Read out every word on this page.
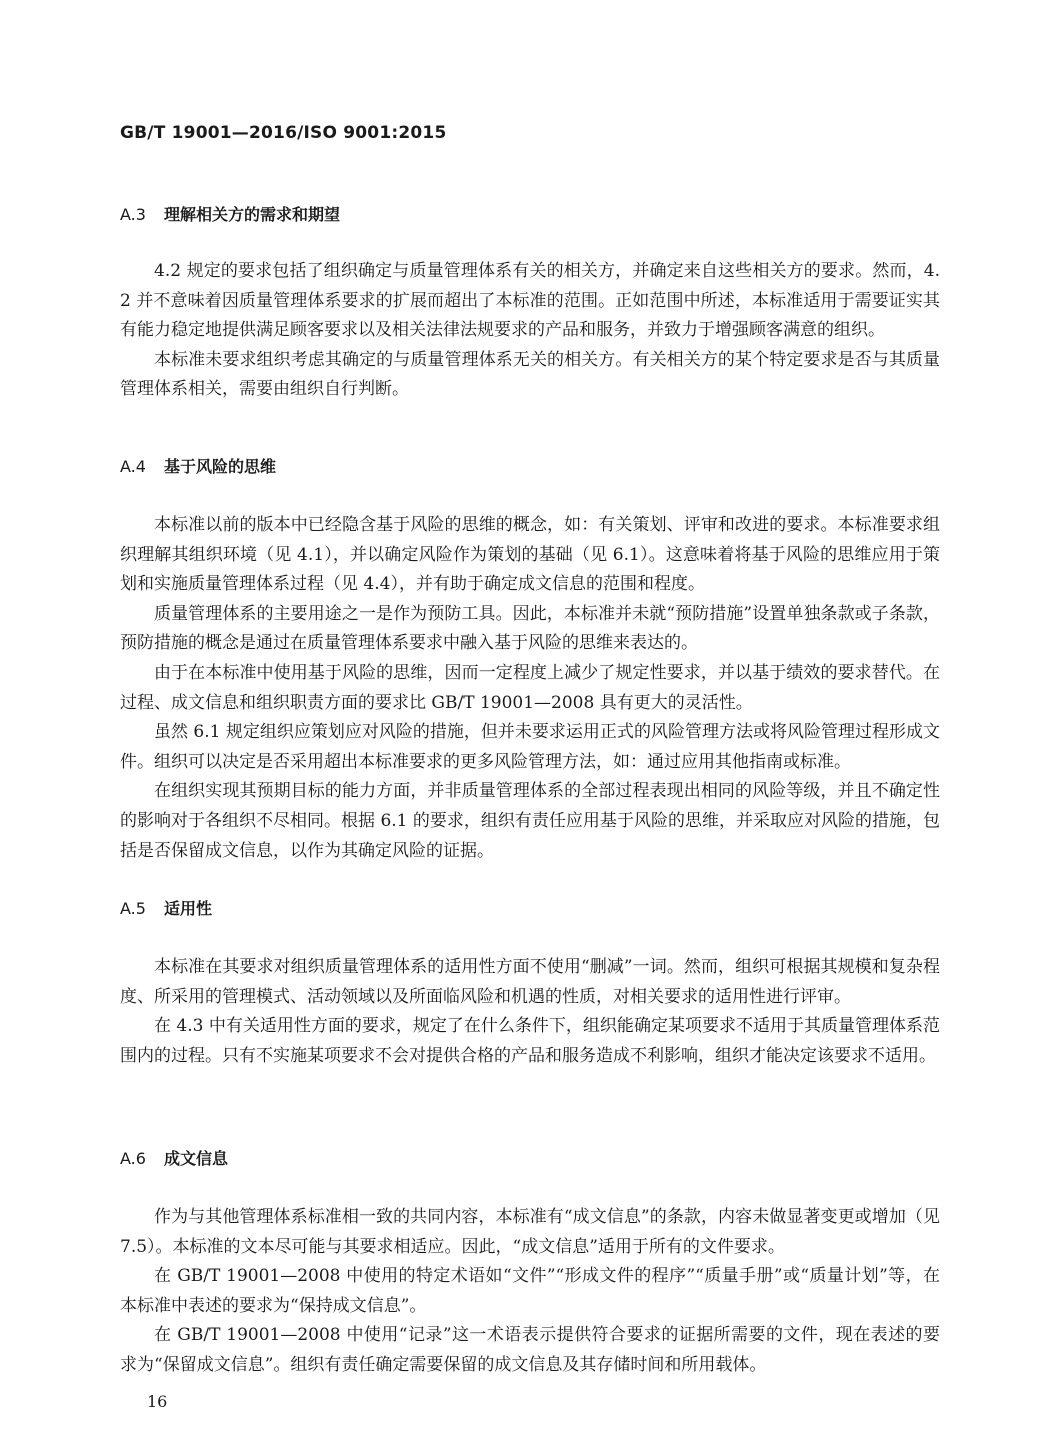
GB/T 19001—2016/ISO 9001:2015
A.3 理解相关方的需求和期望

4.2 规定的要求包括了组织确定与质量管理体系有关的相关方，并确定来自这些相关方的要求。然而，4.2 并不意味着因质量管理体系要求的扩展而超出了本标准的范围。正如范围中所述，本标准适用于需要证实其有能力稳定地提供满足顾客要求以及相关法律法规要求的产品和服务，并致力于增强顾客满意的组织。

本标准未要求组织考虑其确定的与质量管理体系无关的相关方。有关相关方的某个特定要求是否与其质量管理体系相关，需要由组织自行判断。

A.4 基于风险的思维

本标准以前的版本中已经隐含基于风险的思维的概念，如：有关策划、评审和改进的要求。本标准要求组织理解其组织环境（见 4.1），并以确定风险作为策划的基础（见 6.1）。这意味着将基于风险的思维应用于策划和实施质量管理体系过程（见 4.4），并有助于确定成文信息的范围和程度。

质量管理体系的主要用途之一是作为预防工具。因此，本标准并未就“预防措施”设置单独条款或子条款，预防措施的概念是通过在质量管理体系要求中融入基于风险的思维来表达的。

由于在本标准中使用基于风险的思维，因而一定程度上减少了规定性要求，并以基于绩效的要求替代。在过程、成文信息和组织职责方面的要求比 GB/T 19001—2008 具有更大的灵活性。

虽然 6.1 规定组织应策划应对风险的措施，但并未要求运用正式的风险管理方法或将风险管理过程形成文件。组织可以决定是否采用超出本标准要求的更多风险管理方法，如：通过应用其他指南或标准。

在组织实现其预期目标的能力方面，并非质量管理体系的全部过程表现出相同的风险等级，并且不确定性的影响对于各组织不尽相同。根据 6.1 的要求，组织有责任应用基于风险的思维，并采取应对风险的措施，包括是否保留成文信息，以作为其确定风险的证据。

A.5 适用性

本标准在其要求对组织质量管理体系的适用性方面不使用“删减”一词。然而，组织可根据其规模和复杂程度、所采用的管理模式、活动领域以及所面临风险和机遇的性质，对相关要求的适用性进行评审。

在 4.3 中有关适用性方面的要求，规定了在什么条件下，组织能确定某项要求不适用于其质量管理体系范围内的过程。只有不实施某项要求不会对提供合格的产品和服务造成不利影响，组织才能决定该要求不适用。

A.6 成文信息

作为与其他管理体系标准相一致的共同内容，本标准有“成文信息”的条款，内容未做显著变更或增加（见 7.5）。本标准的文本尽可能与其要求相适应。因此，“成文信息”适用于所有的文件要求。

在 GB/T 19001—2008 中使用的特定术语如“文件”“形成文件的程序”“质量手册”或“质量计划”等，在本标准中表述的要求为“保持成文信息”。

在 GB/T 19001—2008 中使用“记录”这一术语表示提供符合要求的证据所需要的文件，现在表述的要求为“保留成文信息”。组织有责任确定需要保留的成文信息及其存储时间和所用载体。

16
